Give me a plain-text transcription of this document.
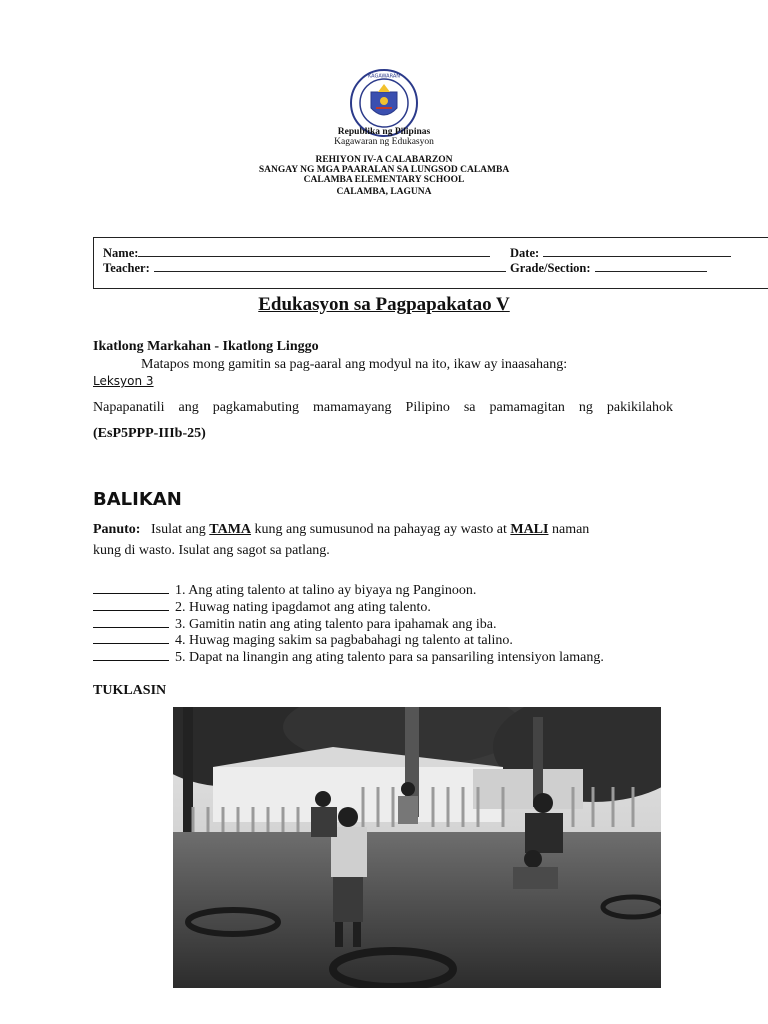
KAGAWARAN
Republika ng Pilipinas
Kagawaran ng Edukasyon
REHIYON IV-A CALABARZON
SANGAY NG MGA PAARALAN SA LUNGSOD CALAMBA
CALAMBA ELEMENTARY SCHOOL
CALAMBA, LAGUNA
Name:	Date:
Teacher:	Grade/Section:
Edukasyon sa Pagpapakatao V
Ikatlong Markahan - Ikatlong Linggo
Matapos mong gamitin sa pag-aaral ang modyul na ito, ikaw ay inaasahang:
Leksyon 3
Napapanatili ang pagkamabuting mamamayang Pilipino sa pamamagitan ng pakikilahok
(EsP5PPP-IIIb-25)
BALIKAN
Panuto: Isulat ang TAMA kung ang sumusunod na pahayag ay wasto at MALI naman
kung di wasto. Isulat ang sagot sa patlang.
1. Ang ating talento at talino ay biyaya ng Panginoon.
2. Huwag nating ipagdamot ang ating talento.
3. Gamitin natin ang ating talento para ipahamak ang iba.
4. Huwag maging sakim sa pagbabahagi ng talento at talino.
5. Dapat na linangin ang ating talento para sa pansariling intensiyon lamang.
TUKLASIN
